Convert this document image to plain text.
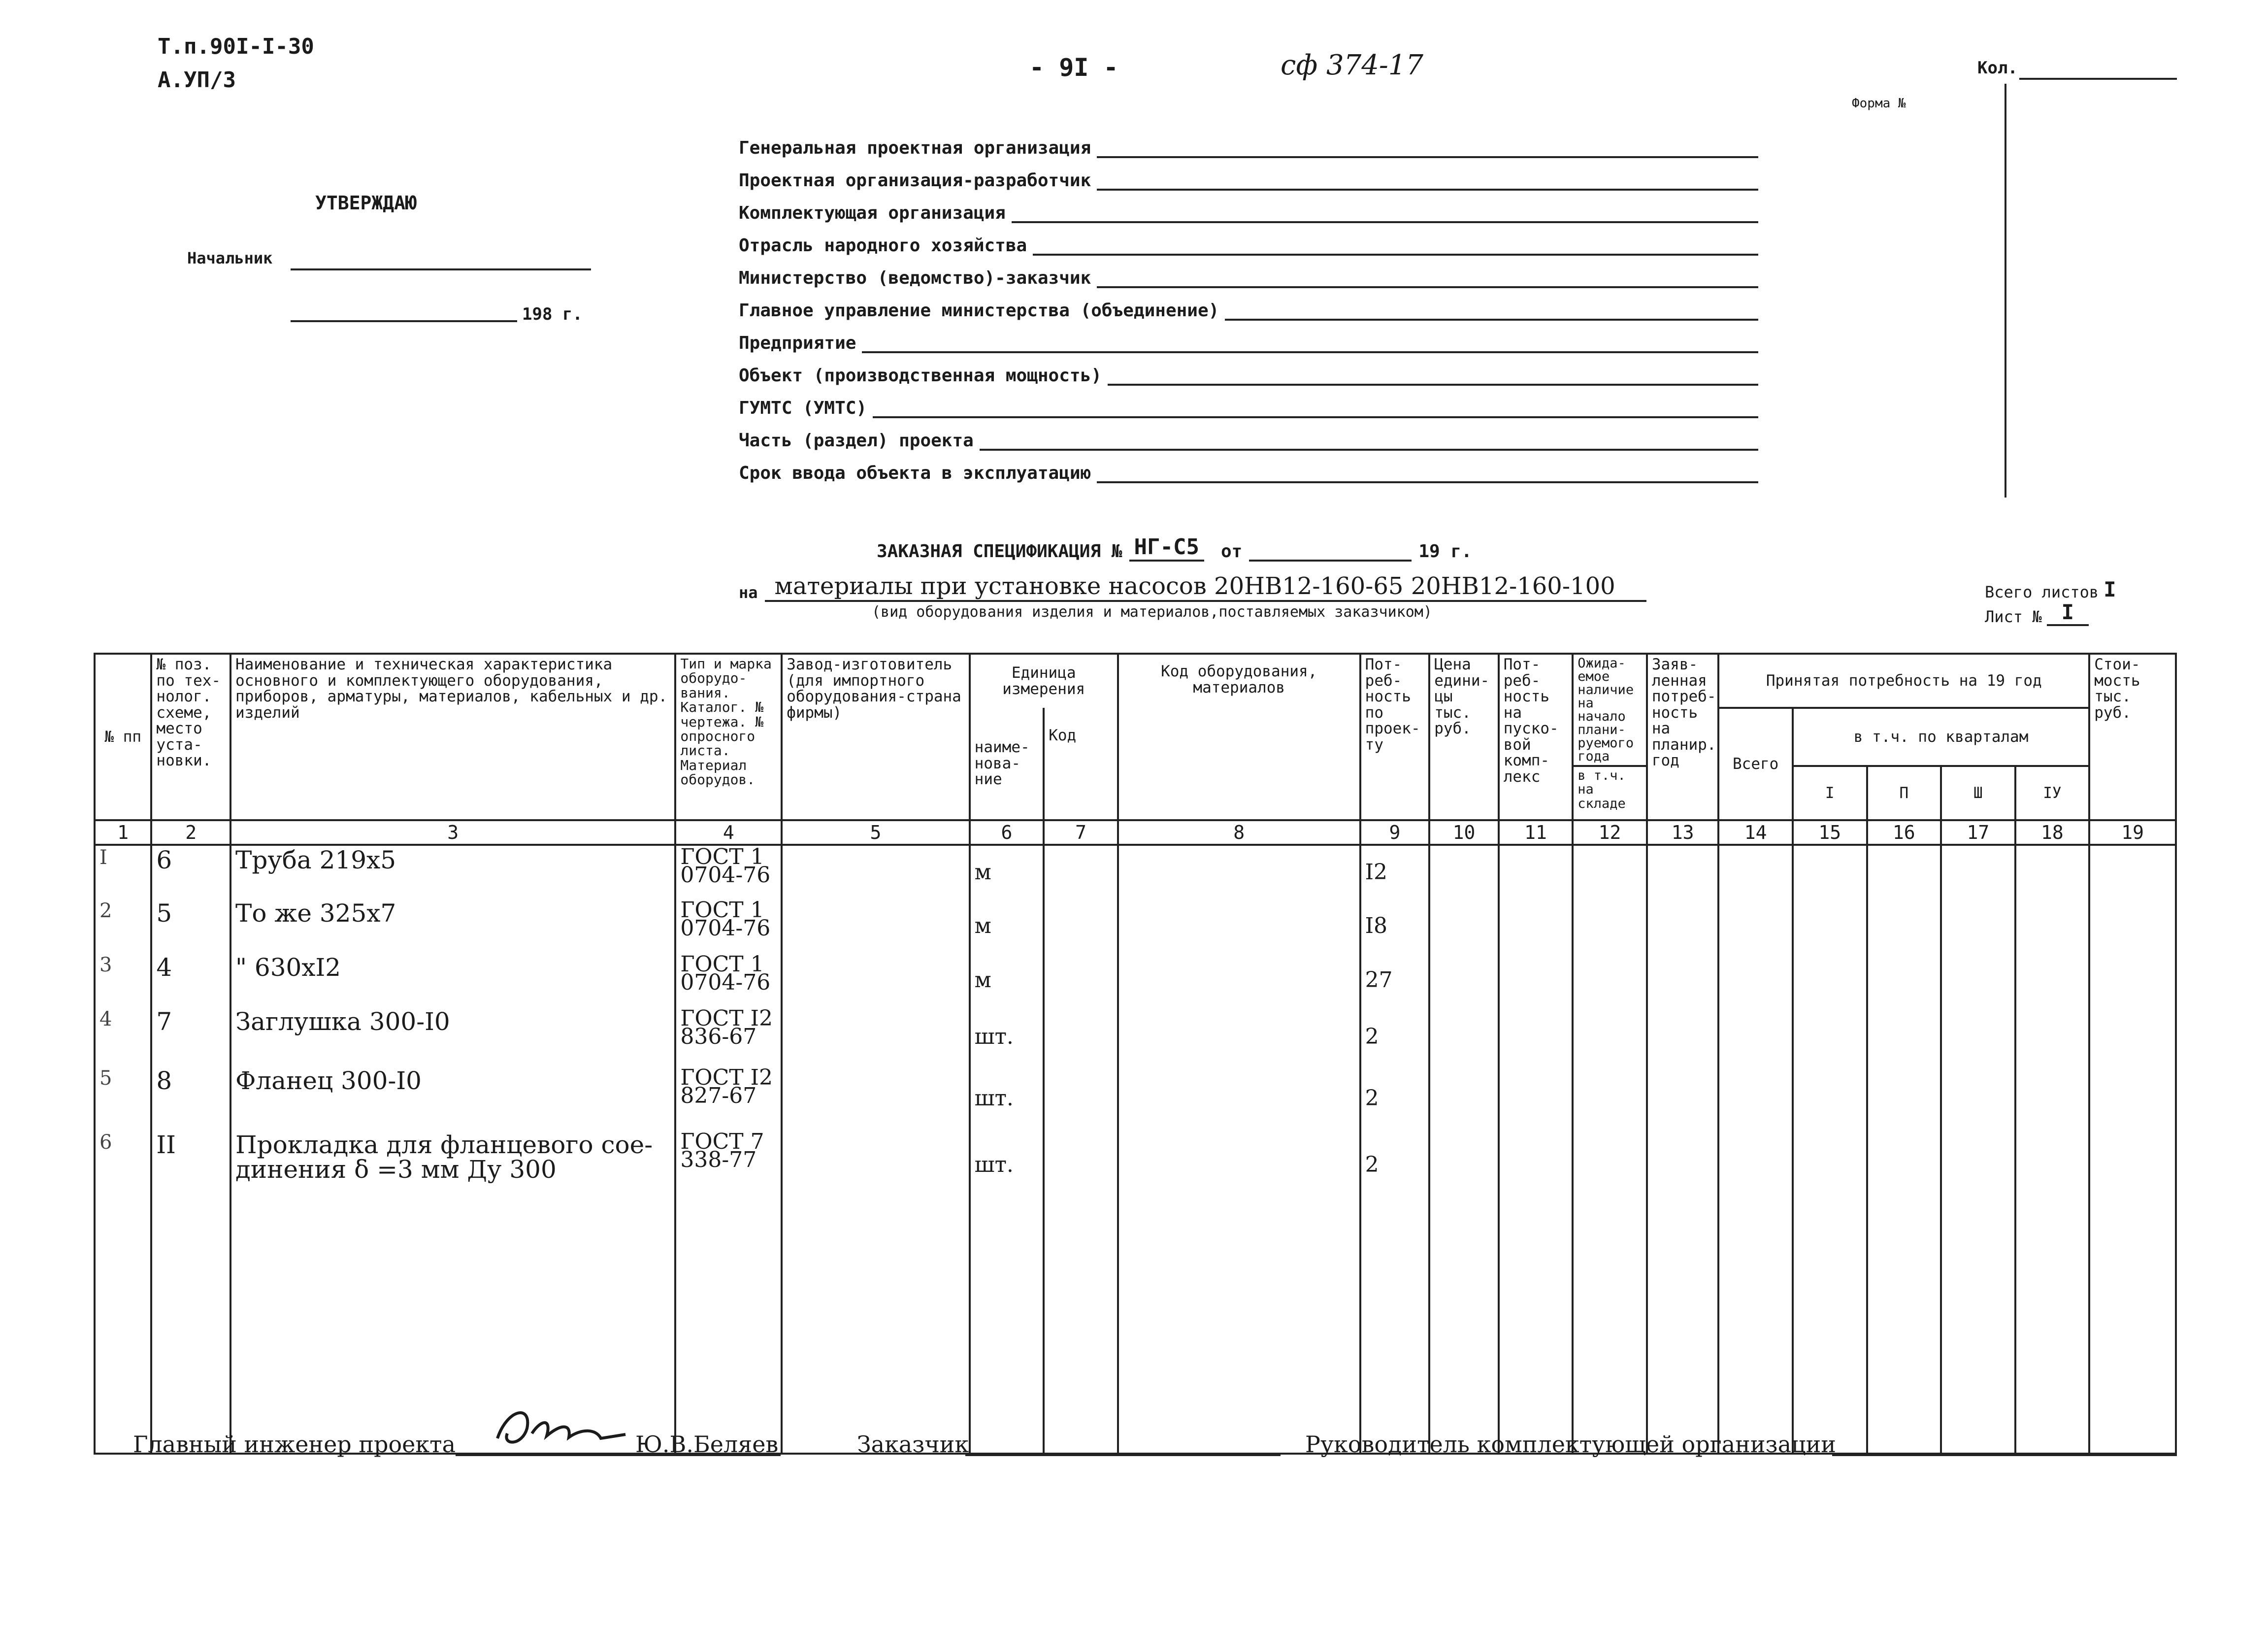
Т.п.90I-I-30
А.УП/3	- 9I -	сф 374-17	Кол.
Форма №
УТВЕРЖДАЮ
Начальник
198 г.
Генеральная проектная организация
Проектная организация-разработчик
Комплектующая организация
Отрасль народного хозяйства
Министерство (ведомство)-заказчик
Главное управление министерства (объединение)
Предприятие
Объект (производственная мощность)
ГУМТС (УМТС)
Часть (раздел) проекта
Срок ввода объекта в эксплуатацию
ЗАКАЗНАЯ СПЕЦИФИКАЦИЯ № НГ-С5 от	19 г.
на материалы при установке насосов 20НВ12-160-65 20НВ12-160-100
(вид оборудования изделия и материалов,поставляемых заказчиком)
Всего листов I
Лист № I
№ пп	№ поз. по технолог. схеме, место установки.	Наименование и техническая характеристика основного и комплектующего оборудования, приборов, арматуры, материалов, кабельных и др. изделий	Тип и марка оборудования. Каталог. № чертежа. № опросного листа. Материал оборудов.	Завод-изготовитель (для импортного оборудования-страна фирмы)	Единица измерения		Код оборудования, материалов	Потребность по проекту	Цена единицы тыс. руб.	Потребность на пусковой комплекс	Ожидаемое наличие на начало планируемого года	Заявленная потребность на планир. год	Принятая потребность на 19 год					Стоимость тыс. руб.
					наименование	Код							Всего	в т.ч. по кварталам				
											в т.ч. на складе			I	П	Ш	IУ	
1	2	3	4	5	6	7	8	9	10	11	12	13	14	15	16	17	18	19
I	6	Труба 219х5	ГОСТ 10704-76		м			I2										
2	5	То же 325х7	ГОСТ 10704-76		м			I8										
3	4	" 630хI2	ГОСТ 10704-76		м			27										
4	7	Заглушка 300-I0	ГОСТ I2836-67		шт.			2										
5	8	Фланец 300-I0	ГОСТ I2827-67		шт.			2										
6	II	Прокладка для фланцевого соединения δ =3 мм Ду 300	ГОСТ 7338-77		шт.			2										

Главный инженер проекта	Ю.В.Беляев	Заказчик	Руководитель комплектующей организации
